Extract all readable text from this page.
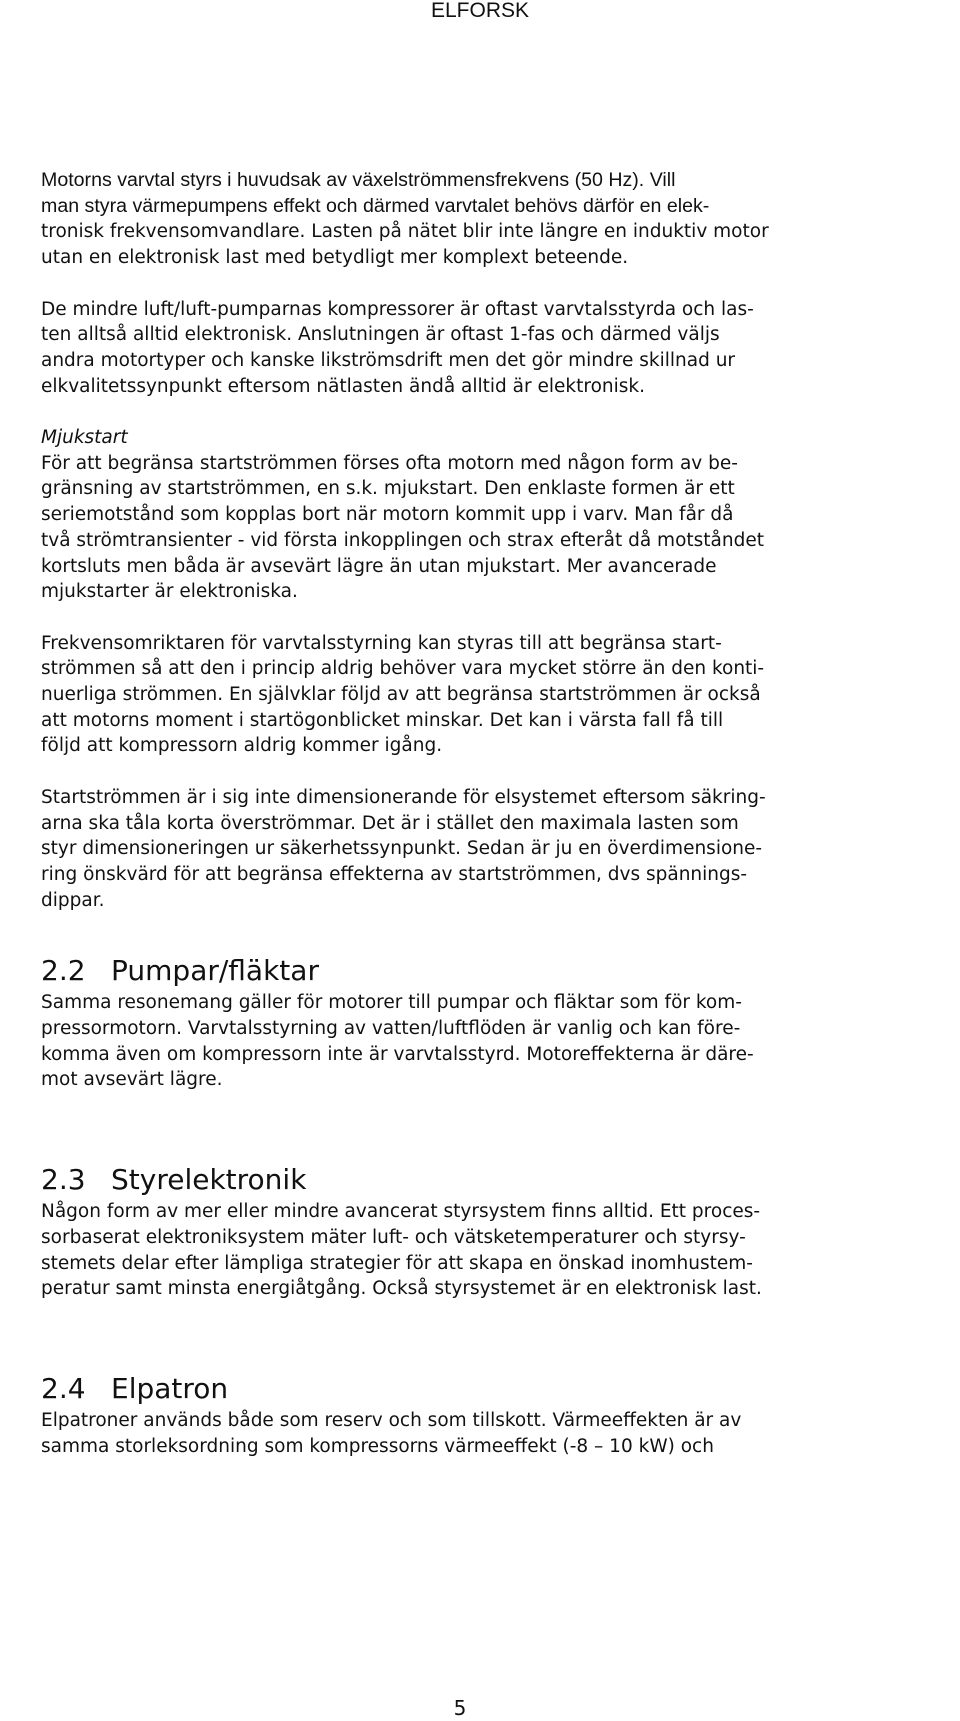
ELFORSK
Motorns varvtal styrs i huvudsak av växelströmmensfrekvens (50 Hz). Vill
man styra värmepumpens effekt och därmed varvtalet behövs därför en elek-
tronisk frekvensomvandlare. Lasten på nätet blir inte längre en induktiv motor
utan en elektronisk last med betydligt mer komplext beteende.
De mindre luft/luft-pumparnas kompressorer är oftast varvtalsstyrda och las-
ten alltså alltid elektronisk. Anslutningen är oftast 1-fas och därmed väljs
andra motortyper och kanske likströmsdrift men det gör mindre skillnad ur
elkvalitetssynpunkt eftersom nätlasten ändå alltid är elektronisk.
Mjukstart
För att begränsa startströmmen förses ofta motorn med någon form av be-
gränsning av startströmmen, en s.k. mjukstart. Den enklaste formen är ett
seriemotstånd som kopplas bort när motorn kommit upp i varv. Man får då
två strömtransienter - vid första inkopplingen och strax efteråt då motståndet
kortsluts men båda är avsevärt lägre än utan mjukstart. Mer avancerade
mjukstarter är elektroniska.
Frekvensomriktaren för varvtalsstyrning kan styras till att begränsa start-
strömmen så att den i princip aldrig behöver vara mycket större än den konti-
nuerliga strömmen. En självklar följd av att begränsa startströmmen är också
att motorns moment i startögonblicket minskar. Det kan i värsta fall få till
följd att kompressorn aldrig kommer igång.
Startströmmen är i sig inte dimensionerande för elsystemet eftersom säkring-
arna ska tåla korta överströmmar. Det är i stället den maximala lasten som
styr dimensioneringen ur säkerhetssynpunkt. Sedan är ju en överdimensione-
ring önskvärd för att begränsa effekterna av startströmmen, dvs spännings-
dippar.
2.2 Pumpar/fläktar
Samma resonemang gäller för motorer till pumpar och fläktar som för kom-
pressormotorn. Varvtalsstyrning av vatten/luftflöden är vanlig och kan före-
komma även om kompressorn inte är varvtalsstyrd. Motoreffekterna är däre-
mot avsevärt lägre.
2.3 Styrelektronik
Någon form av mer eller mindre avancerat styrsystem finns alltid. Ett proces-
sorbaserat elektroniksystem mäter luft- och vätsketemperaturer och styrsy-
stemets delar efter lämpliga strategier för att skapa en önskad inomhustem-
peratur samt minsta energiåtgång. Också styrsystemet är en elektronisk last.
2.4 Elpatron
Elpatroner används både som reserv och som tillskott. Värmeeffekten är av
samma storleksordning som kompressorns värmeeffekt (-8 – 10 kW) och
5
